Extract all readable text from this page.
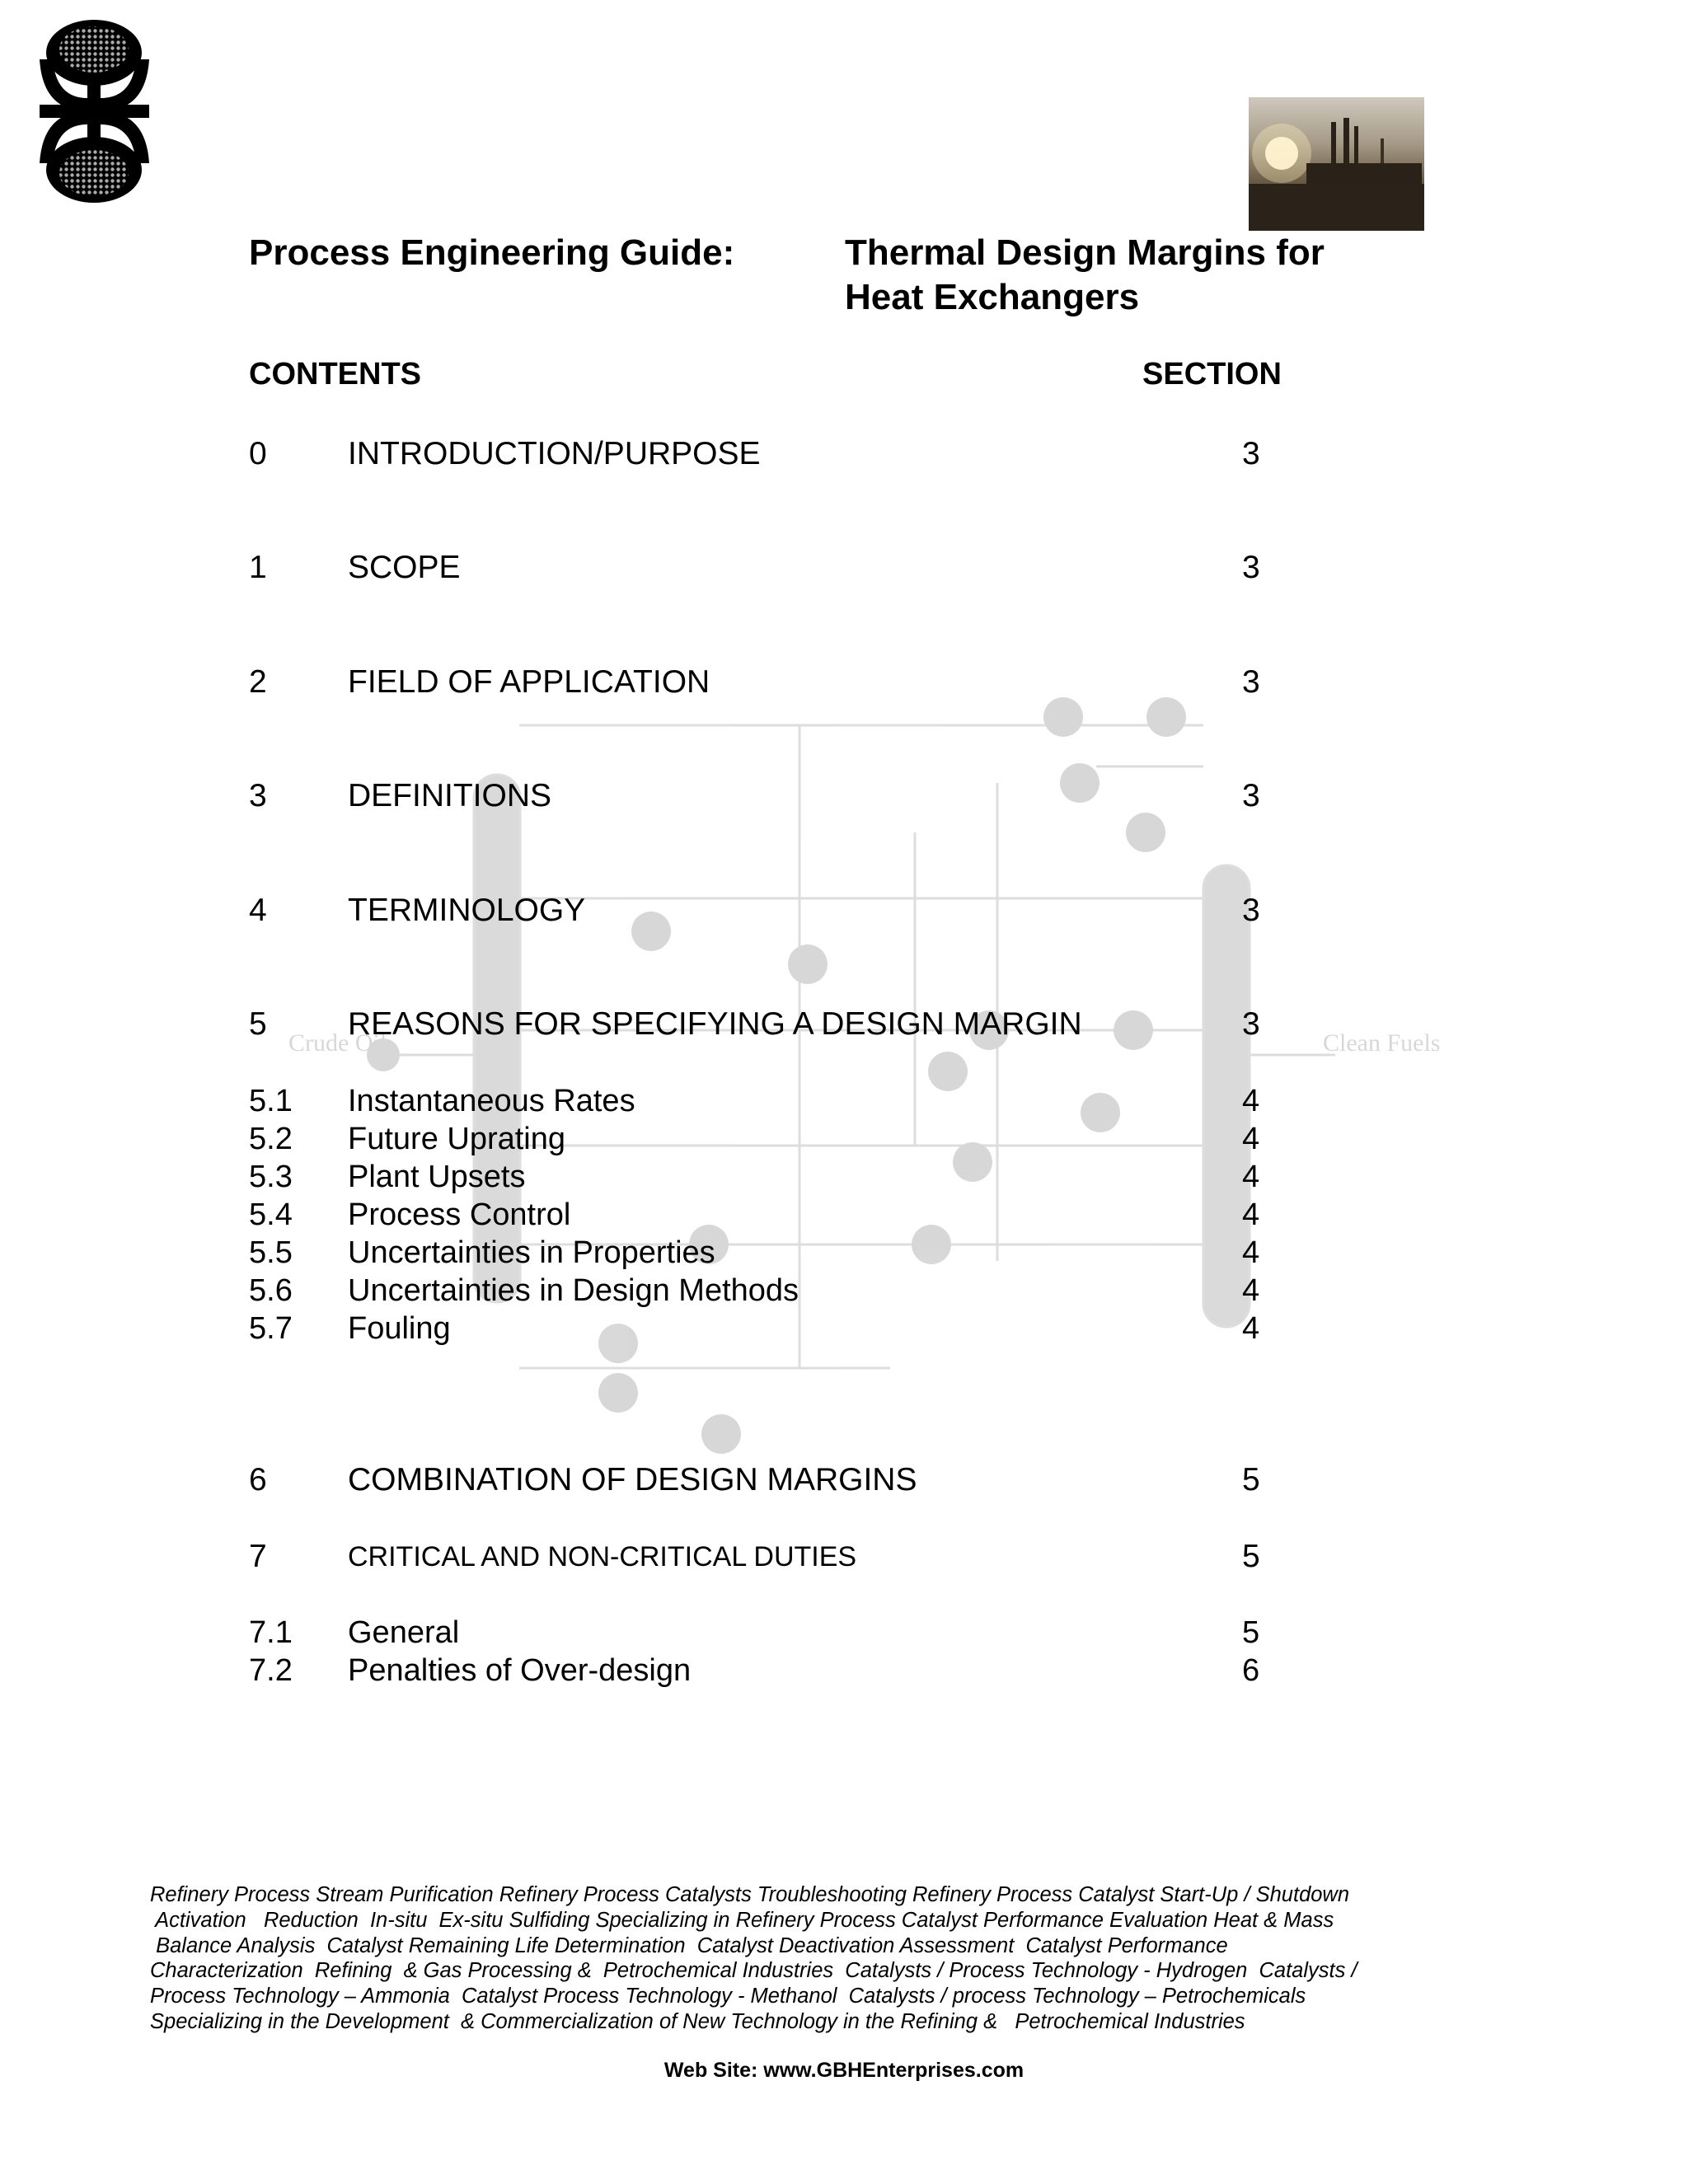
Crude Oil	Clean Fuels
Process Engineering Guide:	Thermal Design Margins for
Heat Exchangers
CONTENTS	SECTION
0	INTRODUCTION/PURPOSE	3
1	SCOPE	3
2	FIELD OF APPLICATION	3
3	DEFINITIONS	3
4	TERMINOLOGY	3
5	REASONS FOR SPECIFYING A DESIGN MARGIN	3
5.1 Instantaneous Rates	4
5.2 Future Uprating	4
5.3 Plant Upsets	4
5.4 Process Control	4
5.5 Uncertainties in Properties	4
5.6 Uncertainties in Design Methods	4
5.7 Fouling	4
6	COMBINATION OF DESIGN MARGINS	5
7	CRITICAL AND NON-CRITICAL DUTIES	5
7.1 General	5
7.2 Penalties of Over-design	6
Refinery Process Stream Purification Refinery Process Catalysts Troubleshooting Refinery Process Catalyst Start-Up / Shutdown
Activation   Reduction  In-situ  Ex-situ Sulfiding Specializing in Refinery Process Catalyst Performance Evaluation Heat & Mass
Balance Analysis  Catalyst Remaining Life Determination  Catalyst Deactivation Assessment  Catalyst Performance
Characterization  Refining  & Gas Processing &  Petrochemical Industries  Catalysts / Process Technology - Hydrogen  Catalysts /
Process Technology – Ammonia  Catalyst Process Technology - Methanol  Catalysts / process Technology – Petrochemicals
Specializing in the Development  & Commercialization of New Technology in the Refining &   Petrochemical Industries
Web Site: www.GBHEnterprises.com
